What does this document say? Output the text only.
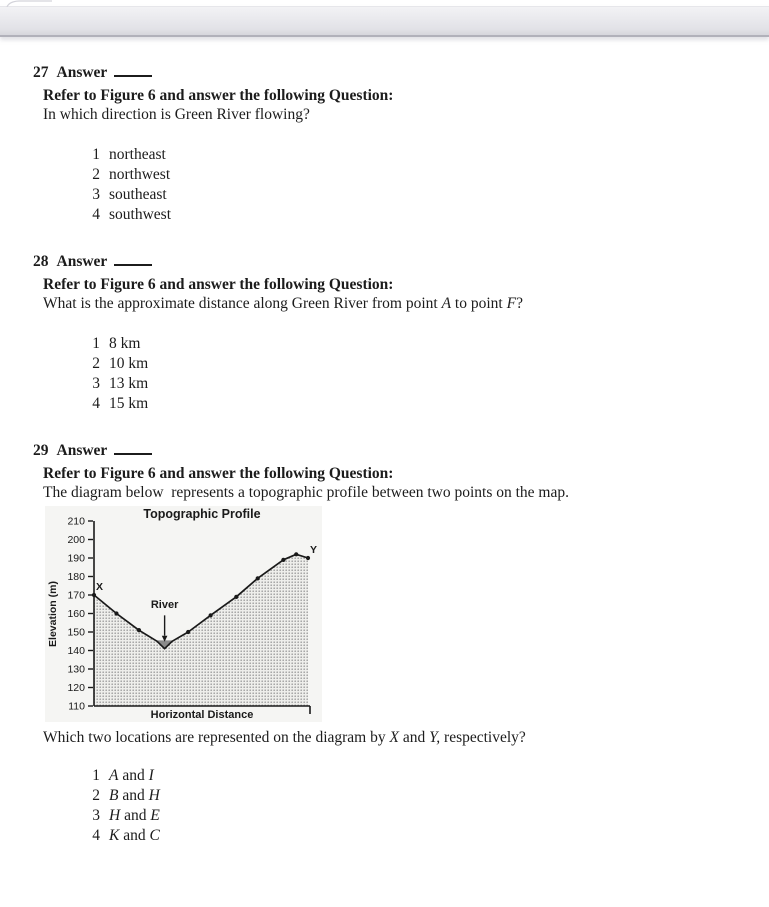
27 Answer
Refer to Figure 6 and answer the following Question:
In which direction is Green River flowing?
1 northeast
2 northwest
3 southeast
4 southwest
28 Answer
Refer to Figure 6 and answer the following Question:
What is the approximate distance along Green River from point A to point F?
1 8 km
2 10 km
3 13 km
4 15 km
29 Answer
Refer to Figure 6 and answer the following Question:
The diagram below  represents a topographic profile between two points on the map.
210
200
190
180
170
160
150
140
130
120
110
Topographic Profile
Elevation (m)
Horizontal Distance
X
Y
River
Which two locations are represented on the diagram by X and Y, respectively?
1 A and I
2 B and H
3 H and E
4 K and C
